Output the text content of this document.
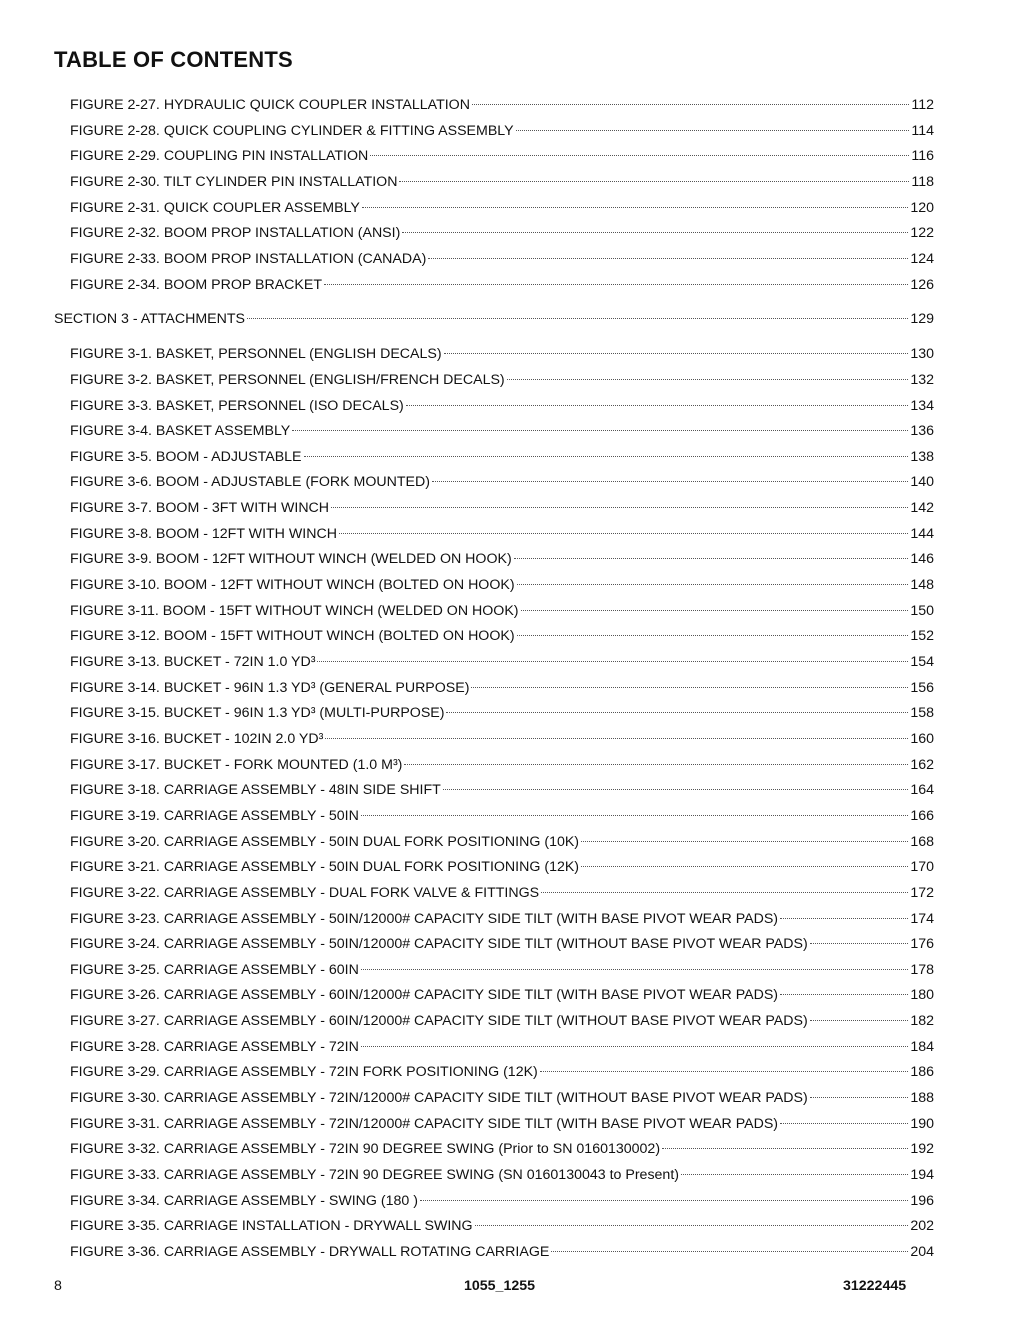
TABLE OF CONTENTS
FIGURE 2-27. HYDRAULIC QUICK COUPLER INSTALLATION	112
FIGURE 2-28. QUICK COUPLING CYLINDER & FITTING ASSEMBLY	114
FIGURE 2-29. COUPLING PIN INSTALLATION	116
FIGURE 2-30. TILT CYLINDER PIN INSTALLATION	118
FIGURE 2-31. QUICK COUPLER ASSEMBLY	120
FIGURE 2-32. BOOM PROP INSTALLATION (ANSI)	122
FIGURE 2-33. BOOM PROP INSTALLATION (CANADA)	124
FIGURE 2-34. BOOM PROP BRACKET	126
SECTION 3 - ATTACHMENTS	129
FIGURE 3-1. BASKET, PERSONNEL (ENGLISH DECALS)	130
FIGURE 3-2. BASKET, PERSONNEL (ENGLISH/FRENCH DECALS)	132
FIGURE 3-3. BASKET, PERSONNEL (ISO DECALS)	134
FIGURE 3-4. BASKET ASSEMBLY	136
FIGURE 3-5. BOOM - ADJUSTABLE	138
FIGURE 3-6. BOOM - ADJUSTABLE (FORK MOUNTED)	140
FIGURE 3-7. BOOM - 3FT WITH WINCH	142
FIGURE 3-8. BOOM - 12FT WITH WINCH	144
FIGURE 3-9. BOOM - 12FT WITHOUT WINCH (WELDED ON HOOK)	146
FIGURE 3-10. BOOM - 12FT WITHOUT WINCH (BOLTED ON HOOK)	148
FIGURE 3-11. BOOM - 15FT WITHOUT WINCH (WELDED ON HOOK)	150
FIGURE 3-12. BOOM - 15FT WITHOUT WINCH (BOLTED ON HOOK)	152
FIGURE 3-13. BUCKET - 72IN 1.0 YD³	154
FIGURE 3-14. BUCKET - 96IN 1.3 YD³ (GENERAL PURPOSE)	156
FIGURE 3-15. BUCKET - 96IN 1.3 YD³ (MULTI-PURPOSE)	158
FIGURE 3-16. BUCKET - 102IN 2.0 YD³	160
FIGURE 3-17. BUCKET - FORK MOUNTED (1.0 M³)	162
FIGURE 3-18. CARRIAGE ASSEMBLY - 48IN SIDE SHIFT	164
FIGURE 3-19. CARRIAGE ASSEMBLY - 50IN	166
FIGURE 3-20. CARRIAGE ASSEMBLY - 50IN DUAL FORK POSITIONING (10K)	168
FIGURE 3-21. CARRIAGE ASSEMBLY - 50IN DUAL FORK POSITIONING (12K)	170
FIGURE 3-22. CARRIAGE ASSEMBLY - DUAL FORK VALVE & FITTINGS	172
FIGURE 3-23. CARRIAGE ASSEMBLY - 50IN/12000# CAPACITY SIDE TILT (WITH BASE PIVOT WEAR PADS)	174
FIGURE 3-24. CARRIAGE ASSEMBLY - 50IN/12000# CAPACITY SIDE TILT (WITHOUT BASE PIVOT WEAR PADS)	176
FIGURE 3-25. CARRIAGE ASSEMBLY - 60IN	178
FIGURE 3-26. CARRIAGE ASSEMBLY - 60IN/12000# CAPACITY SIDE TILT (WITH BASE PIVOT WEAR PADS)	180
FIGURE 3-27. CARRIAGE ASSEMBLY - 60IN/12000# CAPACITY SIDE TILT (WITHOUT BASE PIVOT WEAR PADS)	182
FIGURE 3-28. CARRIAGE ASSEMBLY - 72IN	184
FIGURE 3-29. CARRIAGE ASSEMBLY - 72IN FORK POSITIONING (12K)	186
FIGURE 3-30. CARRIAGE ASSEMBLY - 72IN/12000# CAPACITY SIDE TILT (WITHOUT BASE PIVOT WEAR PADS)	188
FIGURE 3-31. CARRIAGE ASSEMBLY - 72IN/12000# CAPACITY SIDE TILT (WITH BASE PIVOT WEAR PADS)	190
FIGURE 3-32. CARRIAGE ASSEMBLY - 72IN 90 DEGREE SWING (Prior to SN 0160130002)	192
FIGURE 3-33. CARRIAGE ASSEMBLY - 72IN 90 DEGREE SWING (SN 0160130043 to Present)	194
FIGURE 3-34. CARRIAGE ASSEMBLY - SWING (180 )	196
FIGURE 3-35. CARRIAGE INSTALLATION - DRYWALL SWING	202
FIGURE 3-36. CARRIAGE ASSEMBLY - DRYWALL ROTATING CARRIAGE	204
8	1055_1255	31222445
